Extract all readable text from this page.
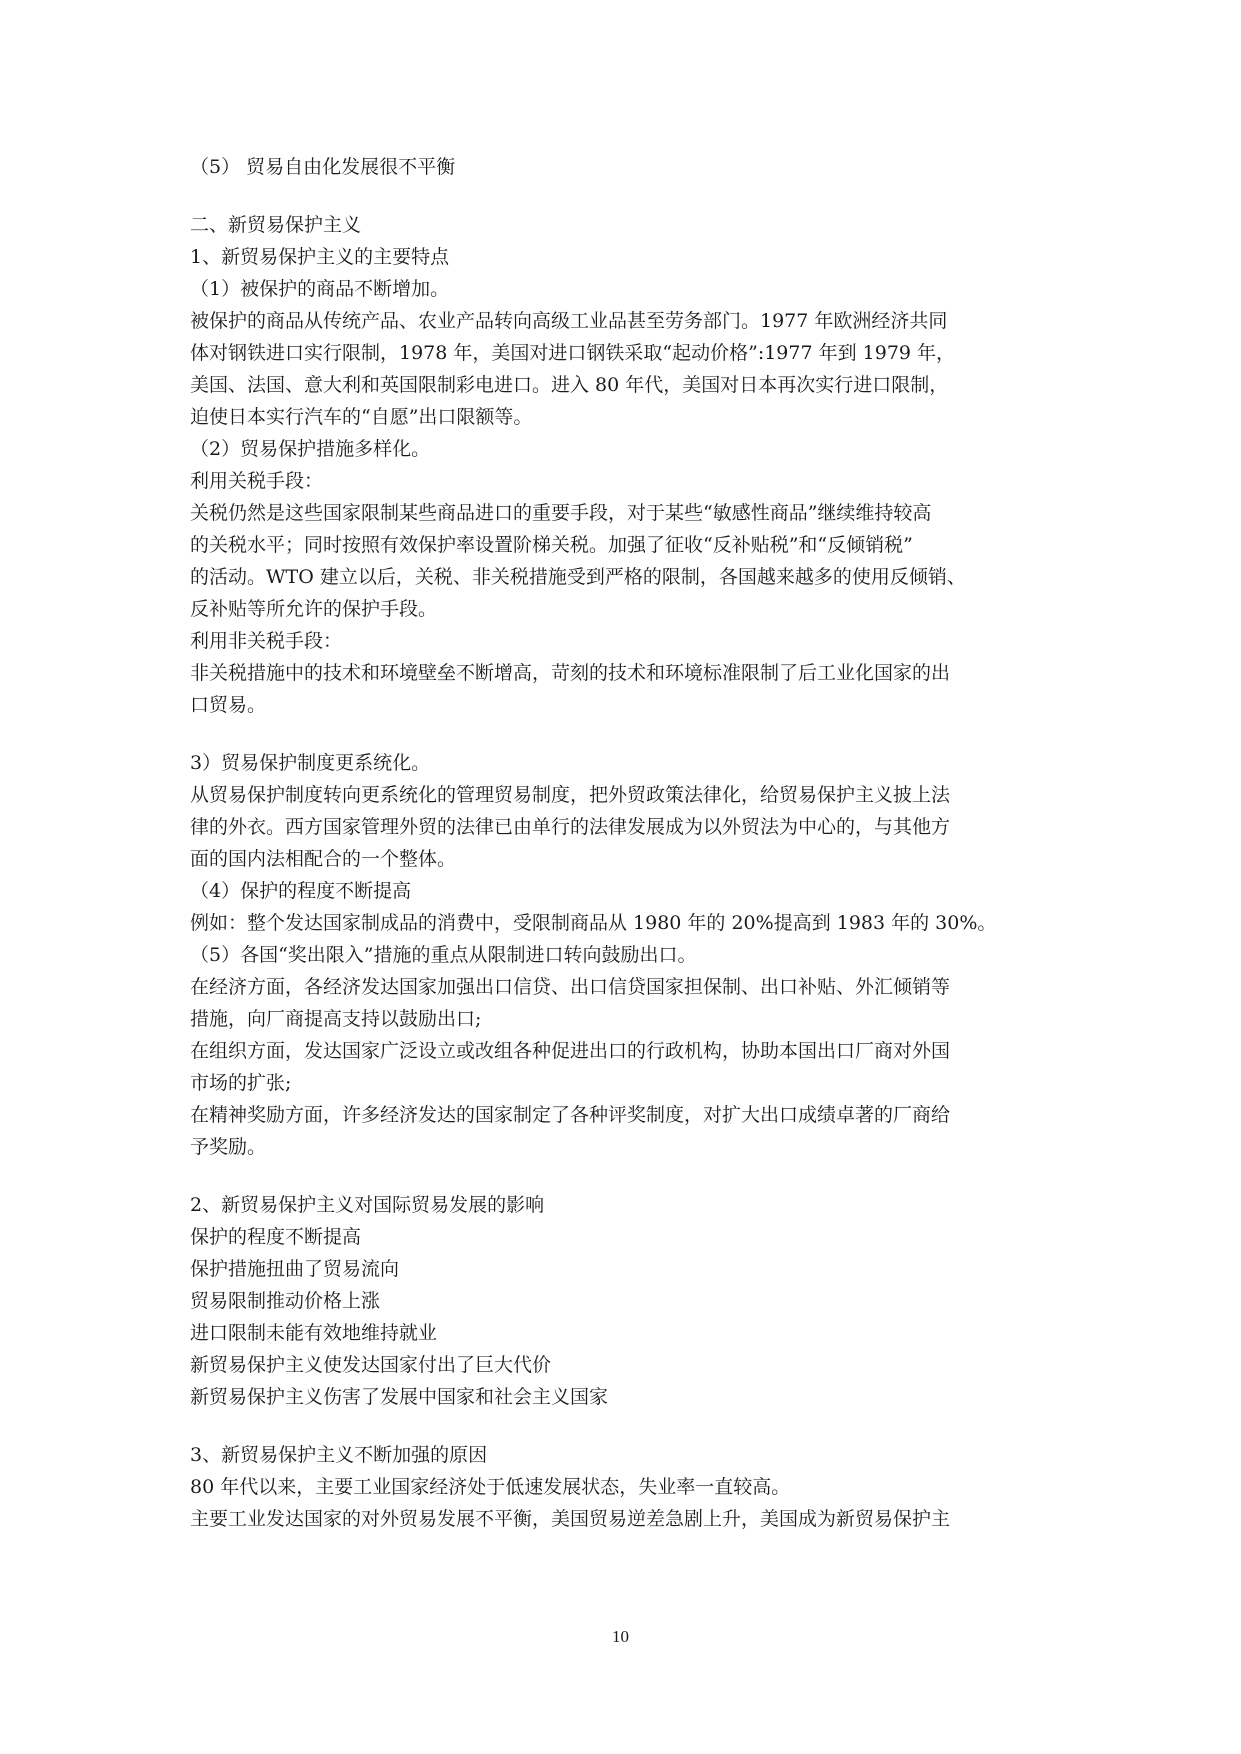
（5） 贸易自由化发展很不平衡
二、新贸易保护主义
1、新贸易保护主义的主要特点
（1）被保护的商品不断增加。
被保护的商品从传统产品、农业产品转向高级工业品甚至劳务部门。1977 年欧洲经济共同
体对钢铁进口实行限制，1978 年，美国对进口钢铁采取“起动价格”:1977 年到 1979 年，
美国、法国、意大利和英国限制彩电进口。进入 80 年代，美国对日本再次实行进口限制，
迫使日本实行汽车的“自愿”出口限额等。
（2）贸易保护措施多样化。
利用关税手段：
关税仍然是这些国家限制某些商品进口的重要手段，对于某些“敏感性商品”继续维持较高
的关税水平；同时按照有效保护率设置阶梯关税。加强了征收“反补贴税”和“反倾销税”
的活动。WTO 建立以后，关税、非关税措施受到严格的限制，各国越来越多的使用反倾销、
反补贴等所允许的保护手段。
利用非关税手段：
非关税措施中的技术和环境壁垒不断增高，苛刻的技术和环境标准限制了后工业化国家的出
口贸易。
3）贸易保护制度更系统化。
从贸易保护制度转向更系统化的管理贸易制度，把外贸政策法律化，给贸易保护主义披上法
律的外衣。西方国家管理外贸的法律已由单行的法律发展成为以外贸法为中心的，与其他方
面的国内法相配合的一个整体。
（4）保护的程度不断提高
例如：整个发达国家制成品的消费中，受限制商品从 1980 年的 20%提高到 1983 年的 30%。
（5）各国“奖出限入”措施的重点从限制进口转向鼓励出口。
在经济方面，各经济发达国家加强出口信贷、出口信贷国家担保制、出口补贴、外汇倾销等
措施，向厂商提高支持以鼓励出口;
在组织方面，发达国家广泛设立或改组各种促进出口的行政机构，协助本国出口厂商对外国
市场的扩张;
在精神奖励方面，许多经济发达的国家制定了各种评奖制度，对扩大出口成绩卓著的厂商给
予奖励。
2、新贸易保护主义对国际贸易发展的影响
保护的程度不断提高
保护措施扭曲了贸易流向
贸易限制推动价格上涨
进口限制未能有效地维持就业
新贸易保护主义使发达国家付出了巨大代价
新贸易保护主义伤害了发展中国家和社会主义国家
3、新贸易保护主义不断加强的原因
80 年代以来，主要工业国家经济处于低速发展状态，失业率一直较高。
主要工业发达国家的对外贸易发展不平衡，美国贸易逆差急剧上升，美国成为新贸易保护主
10
